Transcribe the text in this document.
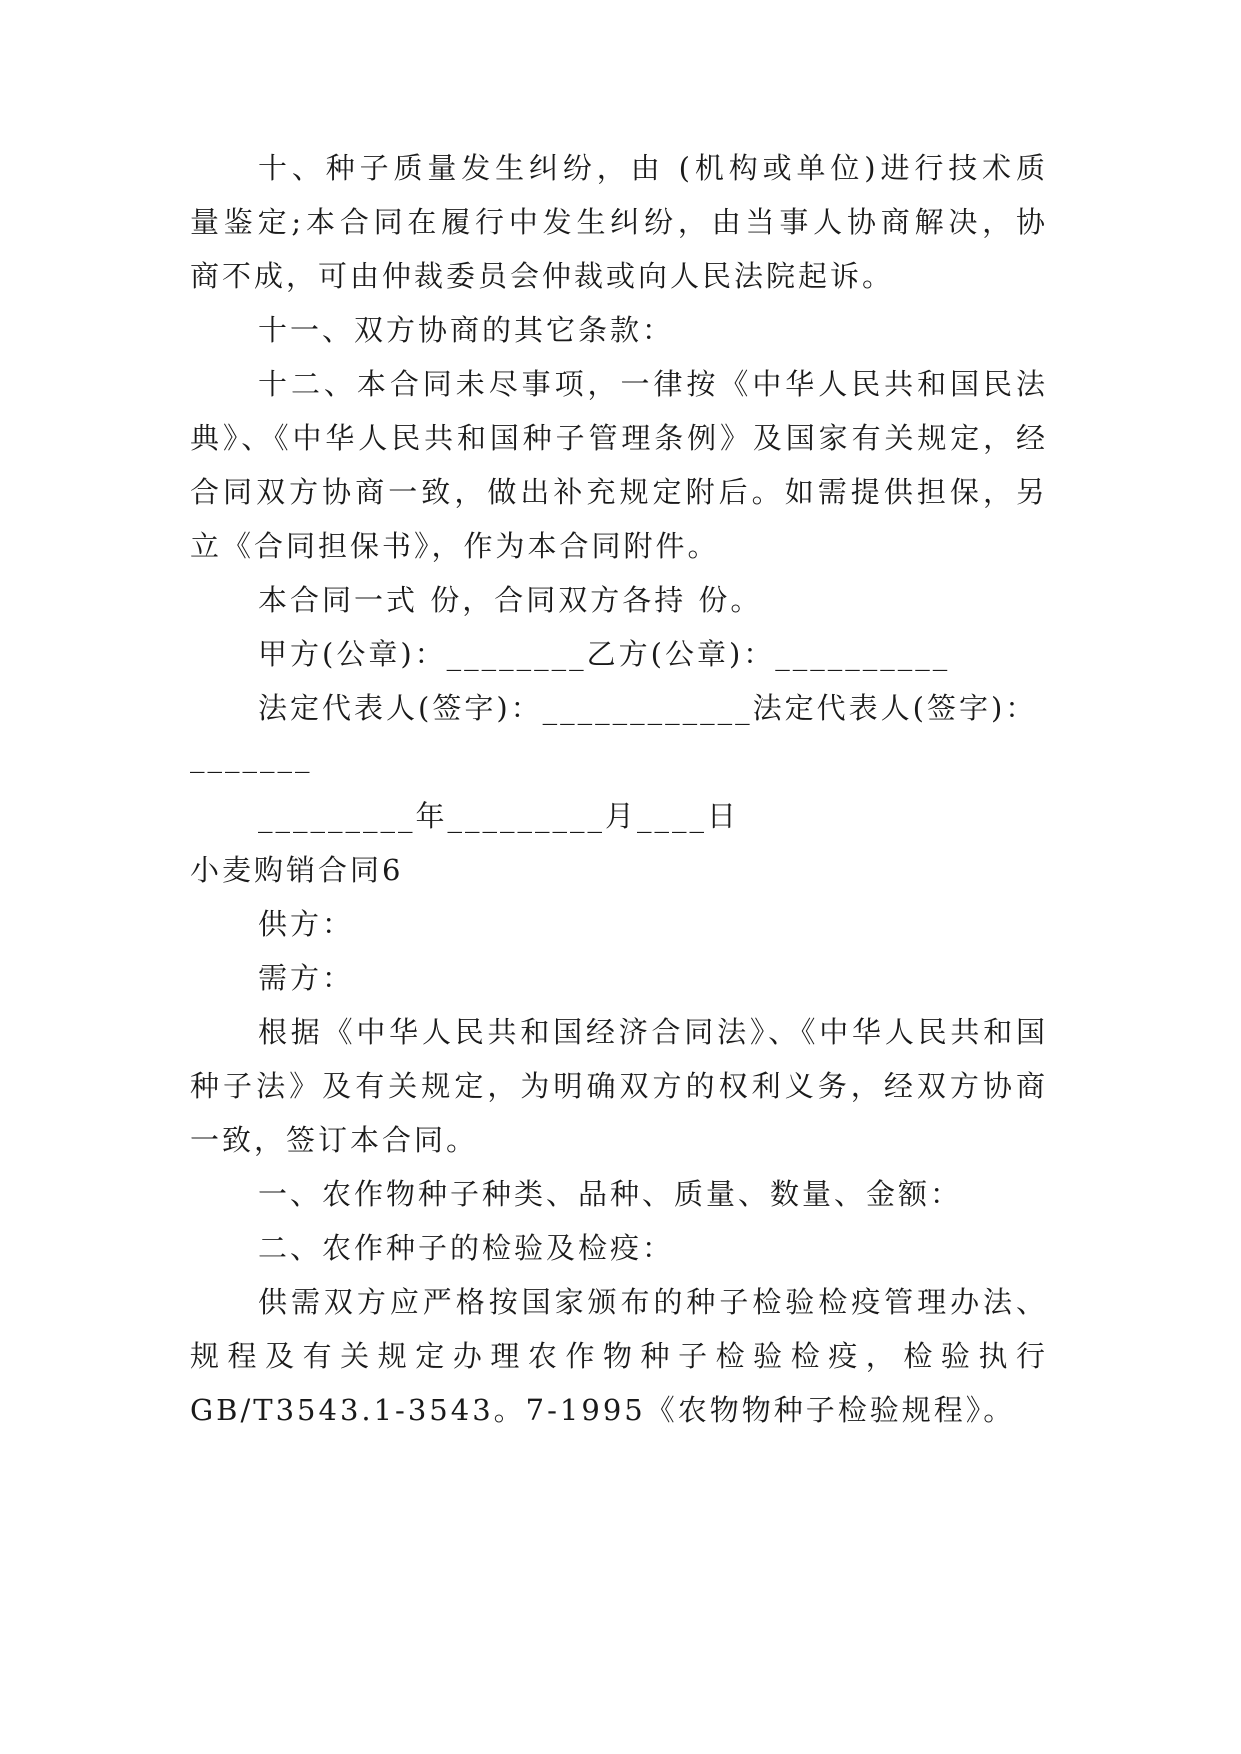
十、种子质量发生纠纷，由 (机构或单位)进行技术质
量鉴定;本合同在履行中发生纠纷，由当事人协商解决，协
商不成，可由仲裁委员会仲裁或向人民法院起诉。
十一、双方协商的其它条款：
十二、本合同未尽事项，一律按《中华人民共和国民法
典》、《中华人民共和国种子管理条例》及国家有关规定，经
合同双方协商一致，做出补充规定附后。如需提供担保，另
立《合同担保书》，作为本合同附件。
本合同一式 份，合同双方各持 份。
甲方(公章)：________乙方(公章)：__________
法定代表人(签字)：____________法定代表人(签字)：
_______
_________年_________月____日
小麦购销合同6
供方：
需方：
根据《中华人民共和国经济合同法》、《中华人民共和国
种子法》及有关规定，为明确双方的权利义务，经双方协商
一致，签订本合同。
一、农作物种子种类、品种、质量、数量、金额：
二、农作种子的检验及检疫：
供需双方应严格按国家颁布的种子检验检疫管理办法、
规程及有关规定办理农作物种子检验检疫，检验执行
GB/T3543.1-3543。7-1995《农物物种子检验规程》。
